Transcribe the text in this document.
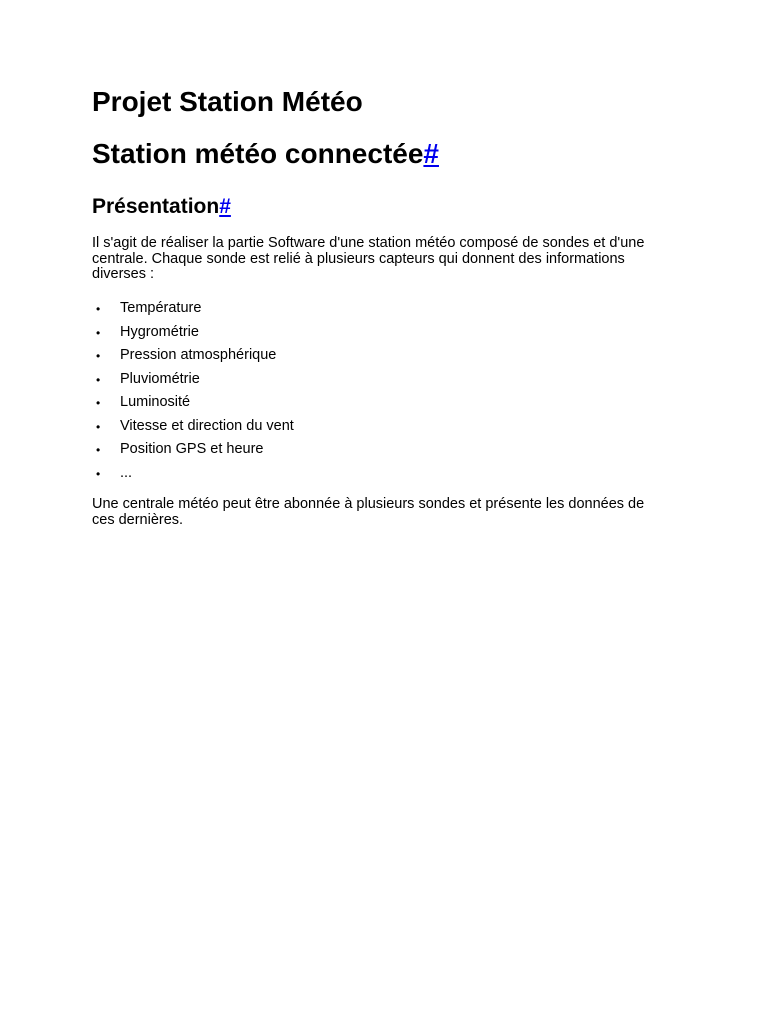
Projet Station Météo
Station météo connectée#
Présentation#

Il s'agit de réaliser la partie Software d'une station météo composé de sondes et d'une centrale. Chaque sonde est relié à plusieurs capteurs qui donnent des informations diverses :

• Température
• Hygrométrie
• Pression atmosphérique
• Pluviométrie
• Luminosité
• Vitesse et direction du vent
• Position GPS et heure
• ...

Une centrale météo peut être abonnée à plusieurs sondes et présente les données de ces dernières.
